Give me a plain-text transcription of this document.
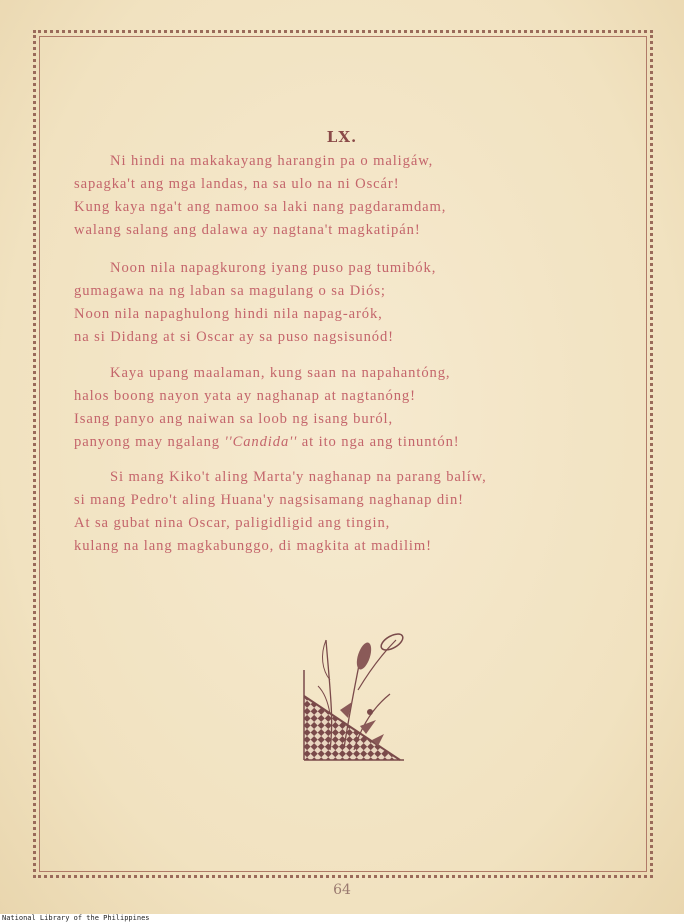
LX.
Ni hindi na makakayang harangin pa o maligáw,
sapagka't ang mga landas, na sa ulo na ni Oscár!
Kung kaya nga't ang namoo sa laki nang pagdaramdam,
walang salang ang dalawa ay nagtana't magkatipán!
Noon nila napagkurong iyang puso pag tumibók,
gumagawa na ng laban sa magulang o sa Diós;
Noon nila napaghulong hindi nila napag-arók,
na si Didang at si Oscar ay sa puso nagsisunód!
Kaya upang maalaman, kung saan na napahantóng,
halos boong nayon yata ay naghanap at nagtanóng!
Isang panyo ang naiwan sa loob ng isang buról,
panyong may ngalang ''Candida'' at ito nga ang tinuntón!
Si mang Kiko't aling Marta'y naghanap na parang balíw,
si mang Pedro't aling Huana'y nagsisamang naghanap din!
At sa gubat nina Oscar, paligidligid ang tingin,
kulang na lang magkabunggo, di magkita at madilim!
64
National Library of the Philippines
